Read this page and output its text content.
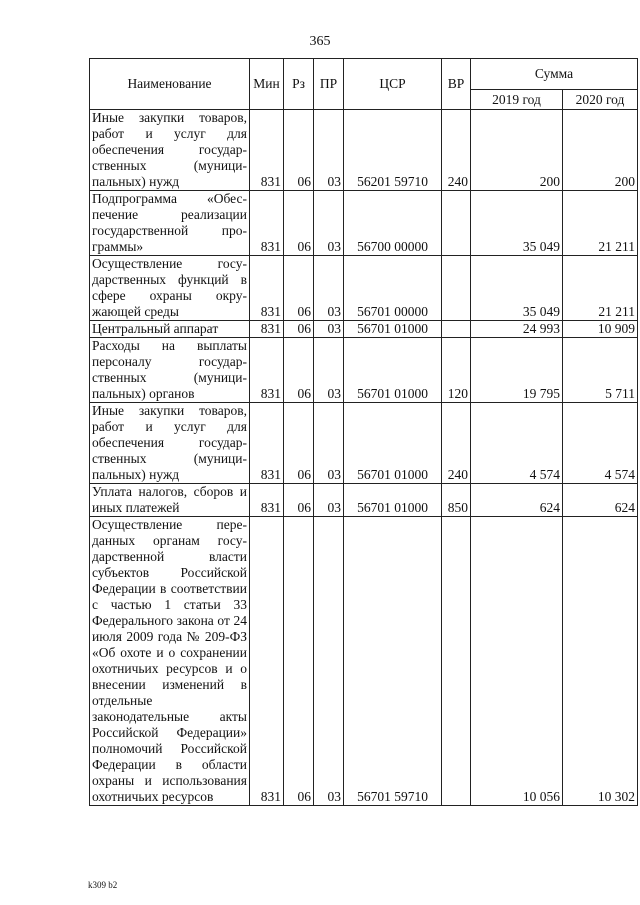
365
Наименование	Мин	Рз	ПР	ЦСР	ВР	Сумма	
						2019 год	2020 год
Иные закупки товаров, работ и услуг для обеспечения государственных (муниципальных) нужд	831	06	03	56201 59710	240	200	200
Подпрограмма «Обеспечение реализации государственной программы»	831	06	03	56700 00000		35 049	21 211
Осуществление государственных функций в сфере охраны окружающей среды	831	06	03	56701 00000		35 049	21 211
Центральный аппарат	831	06	03	56701 01000		24 993	10 909
Расходы на выплаты персоналу государственных (муниципальных) органов	831	06	03	56701 01000	120	19 795	5 711
Иные закупки товаров, работ и услуг для обеспечения государственных (муниципальных) нужд	831	06	03	56701 01000	240	4 574	4 574
Уплата налогов, сборов и иных платежей	831	06	03	56701 01000	850	624	624
Осуществление переданных органам государственной власти субъектов Российской Федерации в соответствии с частью 1 статьи 33 Федерального закона от 24 июля 2009 года № 209-ФЗ «Об охоте и о сохранении охотничьих ресурсов и о внесении изменений в отдельные законодательные акты Российской Федерации» полномочий Российской Федерации в области охраны и использования охотничьих ресурсов	831	06	03	56701 59710		10 056	10 302
k309 b2
